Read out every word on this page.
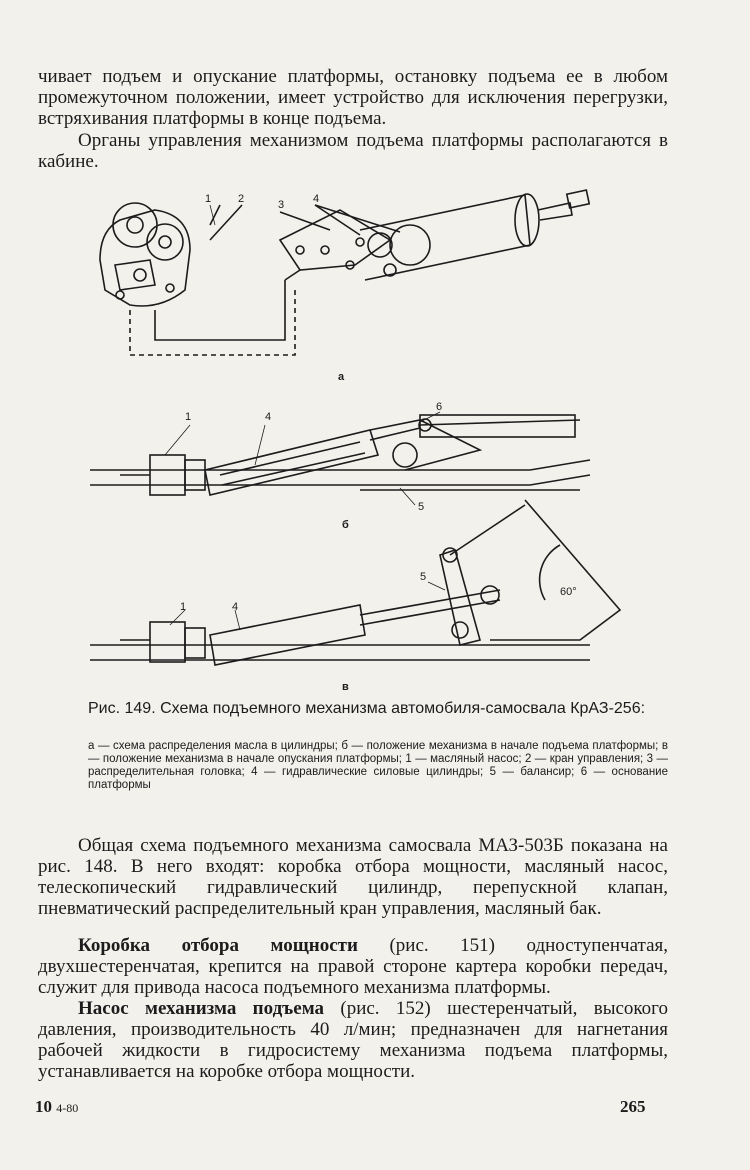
чивает подъем и опускание платформы, остановку подъема ее в любом промежуточном положении, имеет устройство для исключения перегрузки, встряхивания платформы в конце подъема.
Органы управления механизмом подъема платформы располагаются в кабине.
1 2	3	4
а
1	4
6
5
б
1	4
5
60°
в
Рис. 149. Схема подъемного механизма автомобиля-самосвала КрАЗ-256:
а — схема распределения масла в цилиндры; б — положение механизма в начале подъема платформы; в — положение механизма в начале опускания платформы; 1 — масляный насос; 2 — кран управления; 3 — распределительная головка; 4 — гидравлические силовые цилиндры; 5 — балансир; 6 — основание платформы
Общая схема подъемного механизма самосвала МАЗ-503Б показана на рис. 148. В него входят: коробка отбора мощности, масляный насос, телескопический гидравлический цилиндр, перепускной клапан, пневматический распределительный кран управления, масляный бак.
Коробка отбора мощности (рис. 151) одноступенчатая, двухшестеренчатая, крепится на правой стороне картера коробки передач, служит для привода насоса подъемного механизма платформы.
Насос механизма подъема (рис. 152) шестеренчатый, высокого давления, производительность 40 л/мин; предназначен для нагнетания рабочей жидкости в гидросистему механизма подъема платформы, устанавливается на коробке отбора мощности.
10 4-80	265
